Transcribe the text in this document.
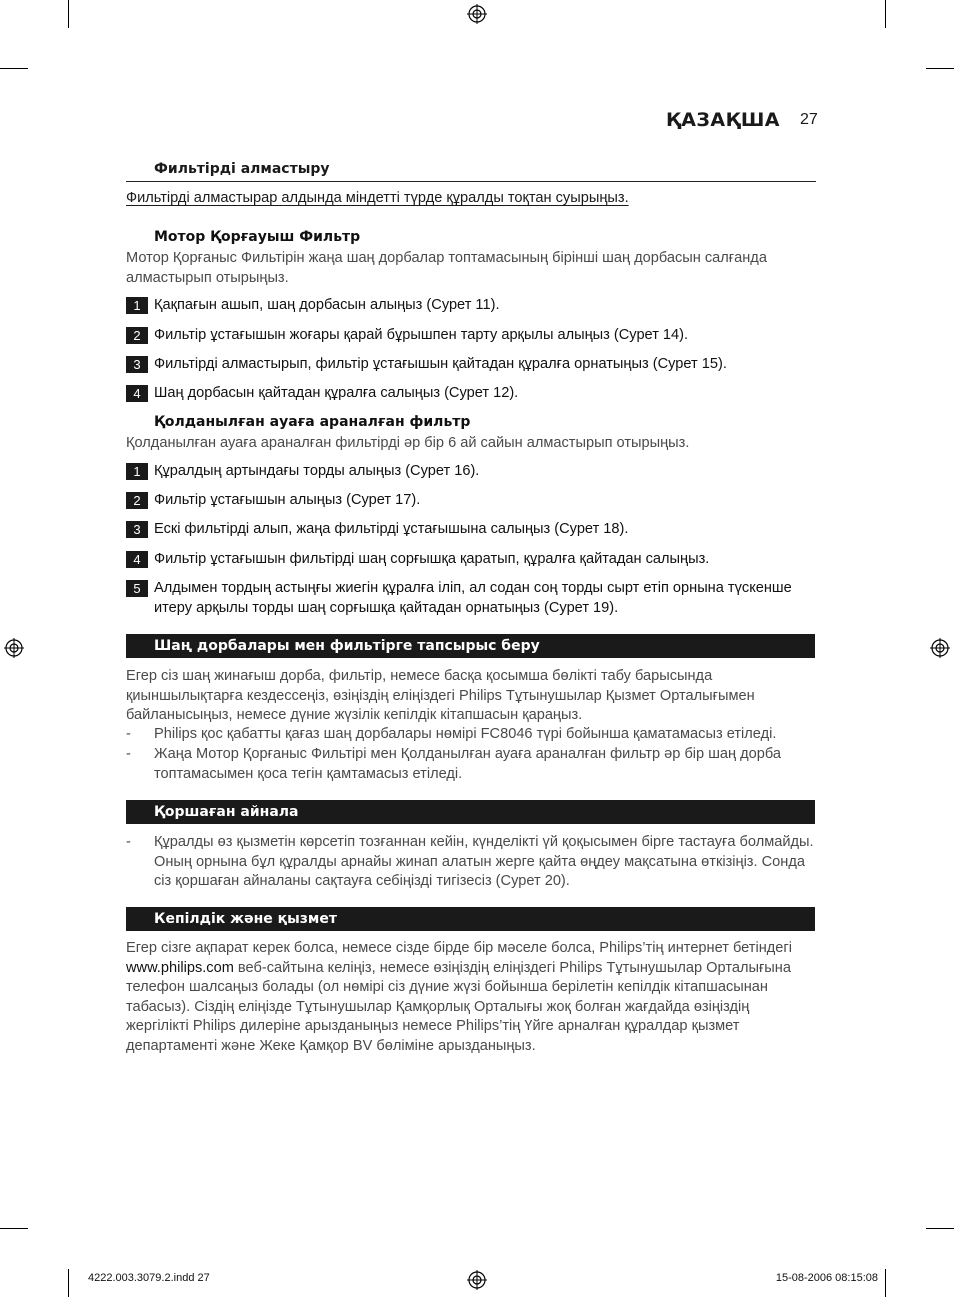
ҚАЗАҚША 27
Фильтірді алмастыру
Фильтірді алмастырар алдында міндетті түрде құралды тоқтан суырыңыз.
Мотор Қорғауыш Фильтр
Мотор Қорғаныс Фильтірін жаңа шаң дорбалар топтамасының бірінші шаң дорбасын салғанда алмастырып отырыңыз.
1 Қақпағын ашып, шаң дорбасын алыңыз (Сурет 11).
2 Фильтір ұстағышын жоғары қарай бұрышпен тарту арқылы алыңыз (Сурет 14).
3 Фильтірді алмастырып, фильтір ұстағышын қайтадан құралға орнатыңыз (Сурет 15).
4 Шаң дорбасын қайтадан құралға салыңыз (Сурет 12).
Қолданылған ауаға араналған фильтр
Қолданылған ауаға араналған фильтірді әр бір 6 ай сайын алмастырып отырыңыз.
1 Құралдың артындағы торды алыңыз (Сурет 16).
2 Фильтір ұстағышын алыңыз (Сурет 17).
3 Ескі фильтірді алып, жаңа фильтірді ұстағышына салыңыз (Сурет 18).
4 Фильтір ұстағышын фильтірді шаң сорғышқа қаратып, құралға қайтадан салыңыз.
5 Алдымен тордың астыңғы жиегін құралға іліп, ал содан соң торды сырт етіп орнына түскенше итеру арқылы торды шаң сорғышқа қайтадан орнатыңыз (Сурет 19).
Шаң дорбалары мен фильтірге тапсырыс беру
Егер сіз шаң жинағыш дорба, фильтір, немесе басқа қосымша бөлікті табу барысында қиыншылықтарға кездессеңіз, өзіңіздің еліңіздегі Philips Тұтынушылар Қызмет Орталығымен байланысыңыз, немесе дүние жүзілік кепілдік кітапшасын қараңыз.
- Philips қос қабатты қағаз шаң дорбалары нөмірі FC8046 түрі бойынша қаматамасыз етіледі.
- Жаңа Мотор Қорғаныс Фильтірі мен Қолданылған ауаға араналған фильтр әр бір шаң дорба топтамасымен қоса тегін қамтамасыз етіледі.
Қоршаған айнала
- Құралды өз қызметін көрсетіп тозғаннан кейін, күнделікті үй қоқысымен бірге тастауға болмайды. Оның орнына бұл құралды арнайы жинап алатын жерге қайта өңдеу мақсатына өткізіңіз. Сонда сіз қоршаған айналаны сақтауға себіңізді тигізесіз (Сурет 20).
Кепілдік және қызмет
Егер сізге ақпарат керек болса, немесе сізде бірде бір мәселе болса, Philips’тің интернет бетіндегі www.philips.com веб-сайтына келіңіз, немесе өзіңіздің еліңіздегі Philips Тұтынушылар Орталығына телефон шалсаңыз болады (ол нөмірі сіз дүние жүзі бойынша берілетін кепілдік кітапшасынан табасыз). Сіздің еліңізде Тұтынушылар Қамқорлық Орталығы жоқ болған жағдайда өзіңіздің жергілікті Philips дилеріне арызданыңыз немесе Philips’тің Үйге арналған құралдар қызмет департаменті және Жеке Қамқор BV бөліміне арызданыңыз.
4222.003.3079.2.indd 27	15-08-2006 08:15:08
